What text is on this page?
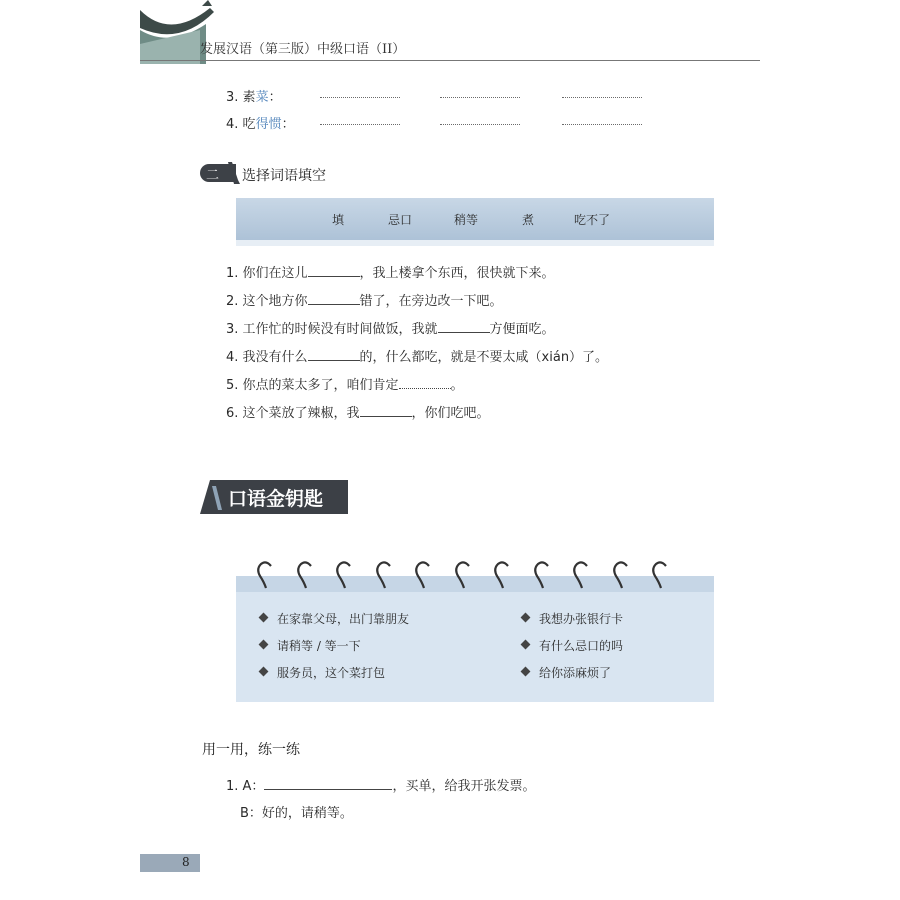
发展汉语（第三版）中级口语（II）
3. 素菜：
4. 吃得惯：
二	选择词语填空
填	忌口	稍等	煮	吃不了
1. 你们在这儿	，我上楼拿个东西，很快就下来。
2. 这个地方你	错了，在旁边改一下吧。
3. 工作忙的时候没有时间做饭，我就	方便面吃。
4. 我没有什么	的，什么都吃，就是不要太咸（xián）了。
5. 你点的菜太多了，咱们肯定	。
6. 这个菜放了辣椒，我	，你们吃吧。
口语金钥匙
在家靠父母，出门靠朋友
请稍等 / 等一下
服务员，这个菜打包
我想办张银行卡
有什么忌口的吗
给你添麻烦了
用一用，练一练
1. A：	，买单，给我开张发票。
B：好的，请稍等。
8
